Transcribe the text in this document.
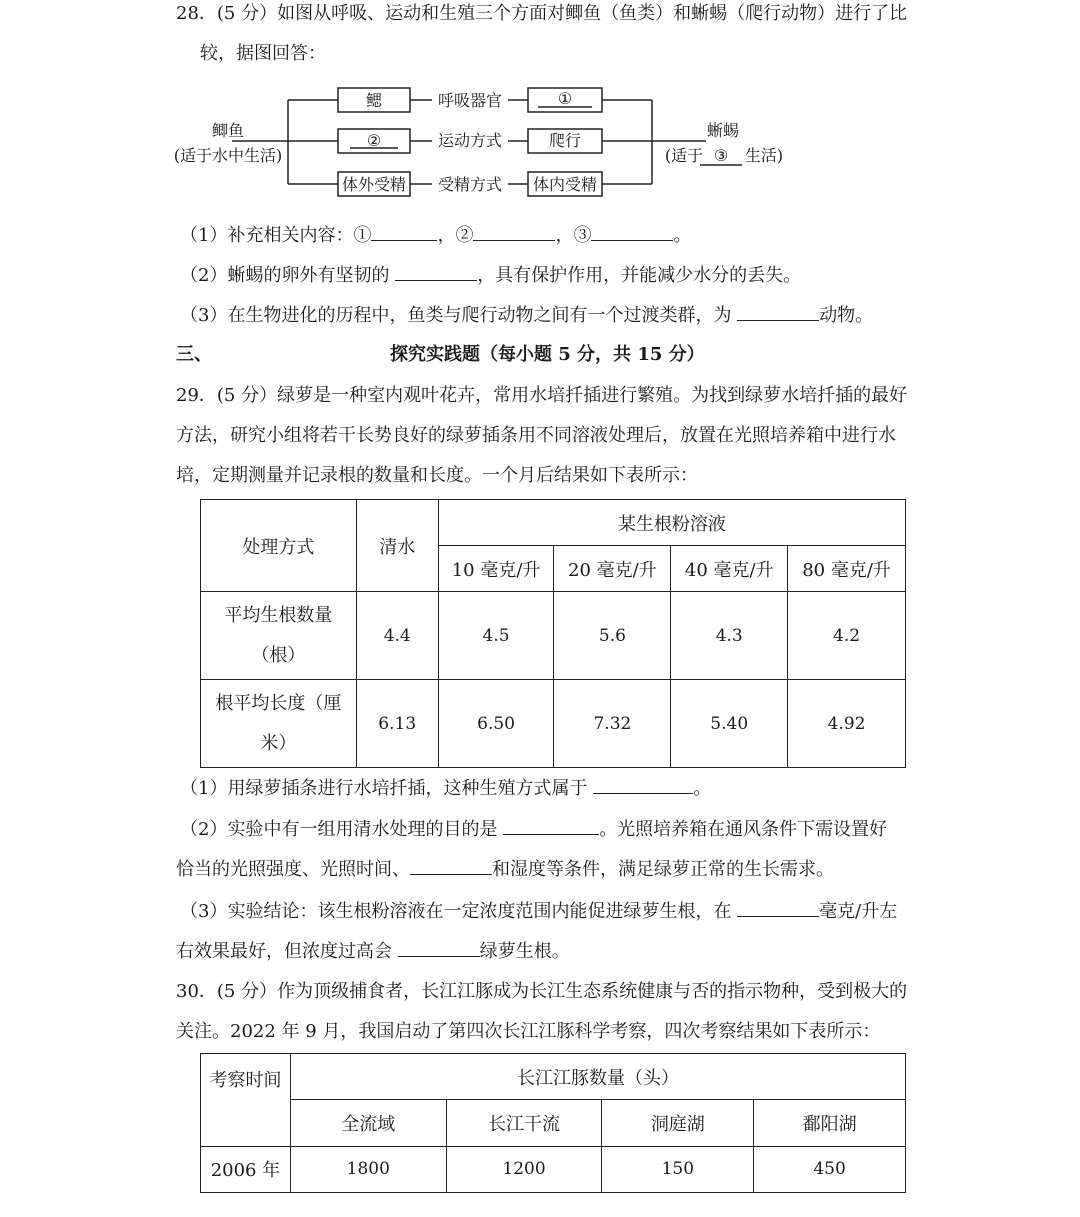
28．(5 分）如图从呼吸、运动和生殖三个方面对鲫鱼（鱼类）和蜥蜴（爬行动物）进行了比
较，据图回答：
鲫鱼
(适于水中生活)
蜥蜴
(适于 ③ 生活)
鳃
②
体外受精
呼吸器官
运动方式
受精方式
①
爬行
体内受精
（1）补充相关内容：①	，②	，③	。
（2）蜥蜴的卵外有坚韧的	，具有保护作用，并能减少水分的丢失。
（3）在生物进化的历程中，鱼类与爬行动物之间有一个过渡类群，为	动物。
三、	探究实践题（每小题 5 分，共 15 分）
29．(5 分）绿萝是一种室内观叶花卉，常用水培扦插进行繁殖。为找到绿萝水培扦插的最好
方法，研究小组将若干长势良好的绿萝插条用不同溶液处理后，放置在光照培养箱中进行水
培，定期测量并记录根的数量和长度。一个月后结果如下表所示：
处理方式	清水	某生根粉溶液			
		10 毫克/升	20 毫克/升	40 毫克/升	80 毫克/升
平均生根数量
（根）	4.4	4.5	5.6	4.3	4.2
根平均长度（厘
米）	6.13	6.50	7.32	5.40	4.92
（1）用绿萝插条进行水培扦插，这种生殖方式属于	。
（2）实验中有一组用清水处理的目的是	。光照培养箱在通风条件下需设置好
恰当的光照强度、光照时间、	和湿度等条件，满足绿萝正常的生长需求。
（3）实验结论：该生根粉溶液在一定浓度范围内能促进绿萝生根，在	毫克/升左
右效果最好，但浓度过高会	绿萝生根。
30．(5 分）作为顶级捕食者，长江江豚成为长江生态系统健康与否的指示物种，受到极大的
关注。2022 年 9 月，我国启动了第四次长江江豚科学考察，四次考察结果如下表所示：
考察时间	长江江豚数量（头）			
	全流域	长江干流	洞庭湖	鄱阳湖
2006 年	1800	1200	150	450
